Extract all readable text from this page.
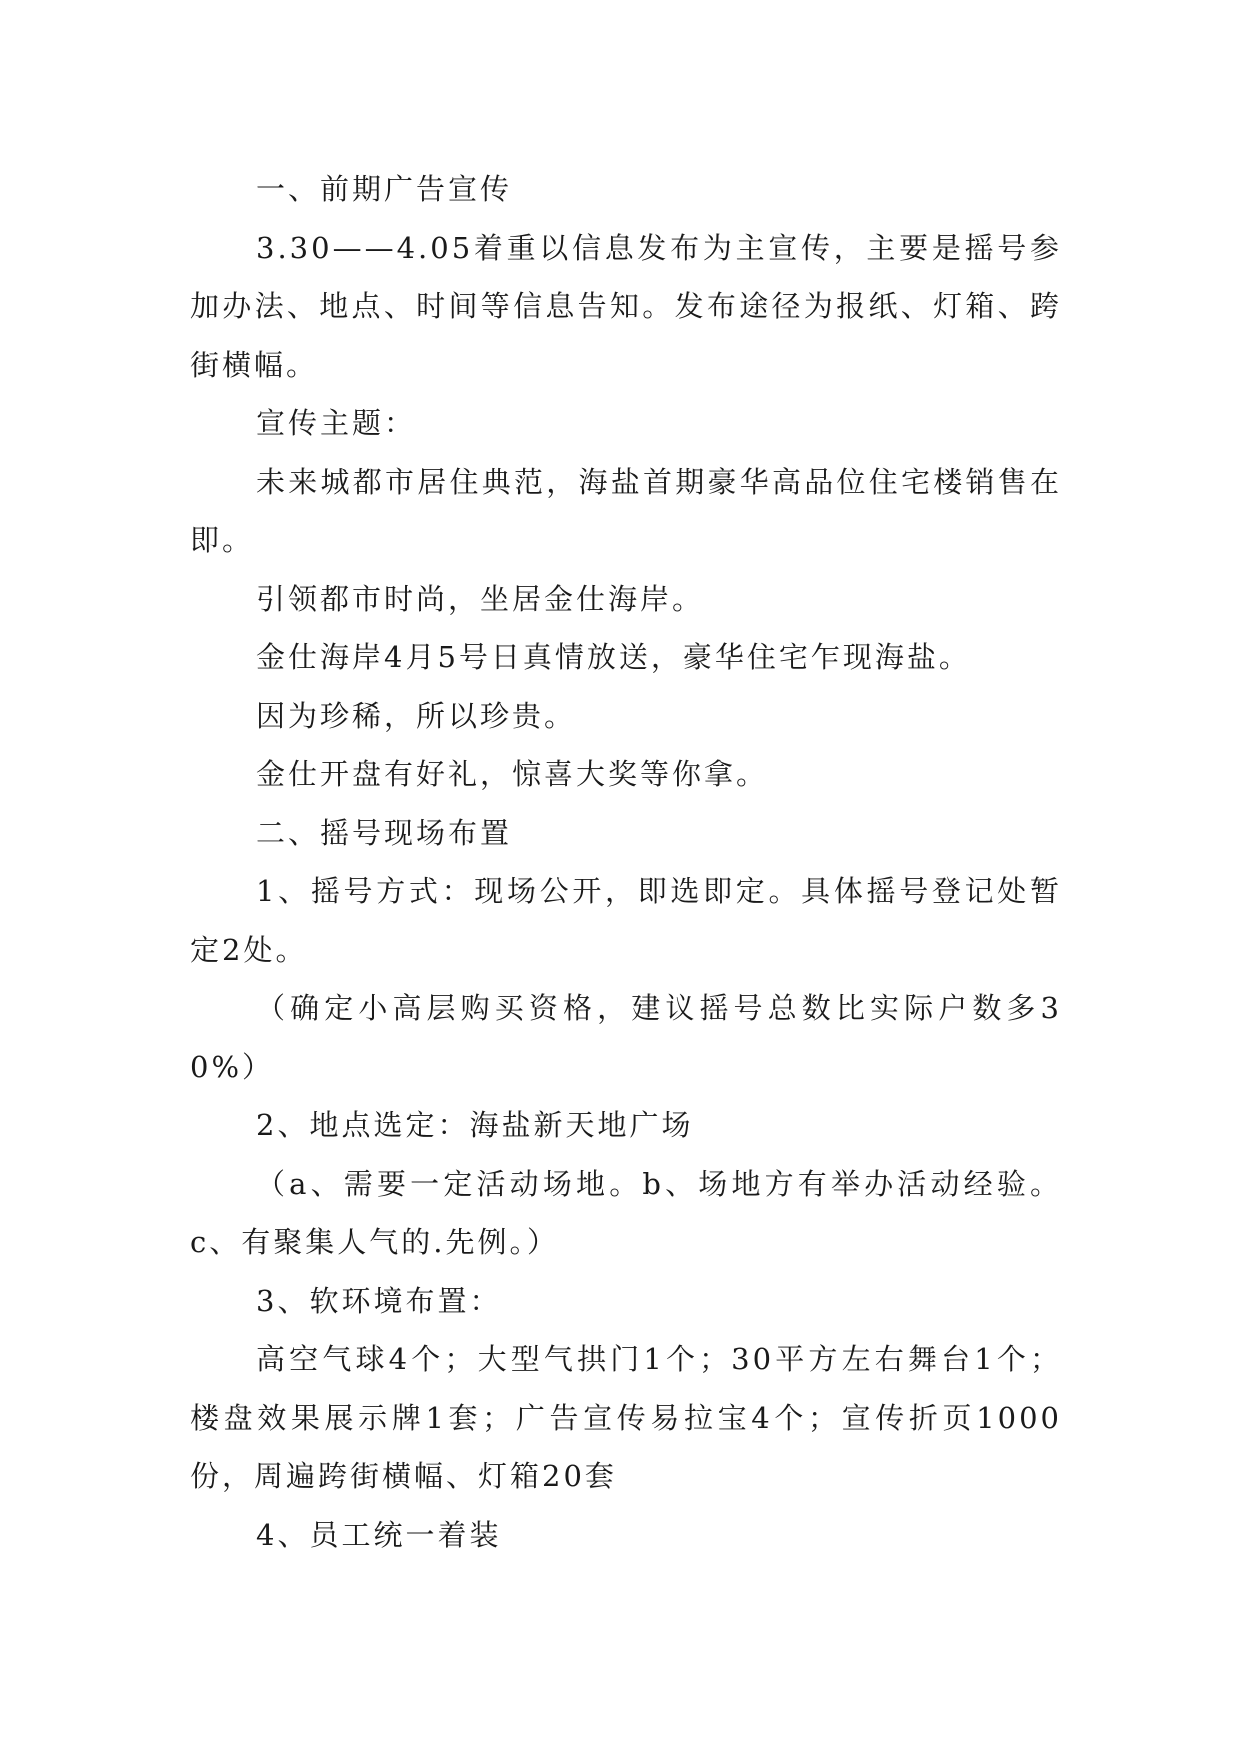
一、前期广告宣传

3.30——4.05着重以信息发布为主宣传，主要是摇号参加办法、地点、时间等信息告知。发布途径为报纸、灯箱、跨街横幅。

宣传主题：

未来城都市居住典范，海盐首期豪华高品位住宅楼销售在即。

引领都市时尚，坐居金仕海岸。

金仕海岸4月5号日真情放送，豪华住宅乍现海盐。

因为珍稀，所以珍贵。

金仕开盘有好礼，惊喜大奖等你拿。

二、摇号现场布置

1、摇号方式：现场公开，即选即定。具体摇号登记处暂定2处。

（确定小高层购买资格，建议摇号总数比实际户数多30%）

2、地点选定：海盐新天地广场

（a、需要一定活动场地。b、场地方有举办活动经验。c、有聚集人气的.先例。）

3、软环境布置：

高空气球4个；大型气拱门1个；30平方左右舞台1个；楼盘效果展示牌1套；广告宣传易拉宝4个；宣传折页1000份，周遍跨街横幅、灯箱20套

4、员工统一着装
